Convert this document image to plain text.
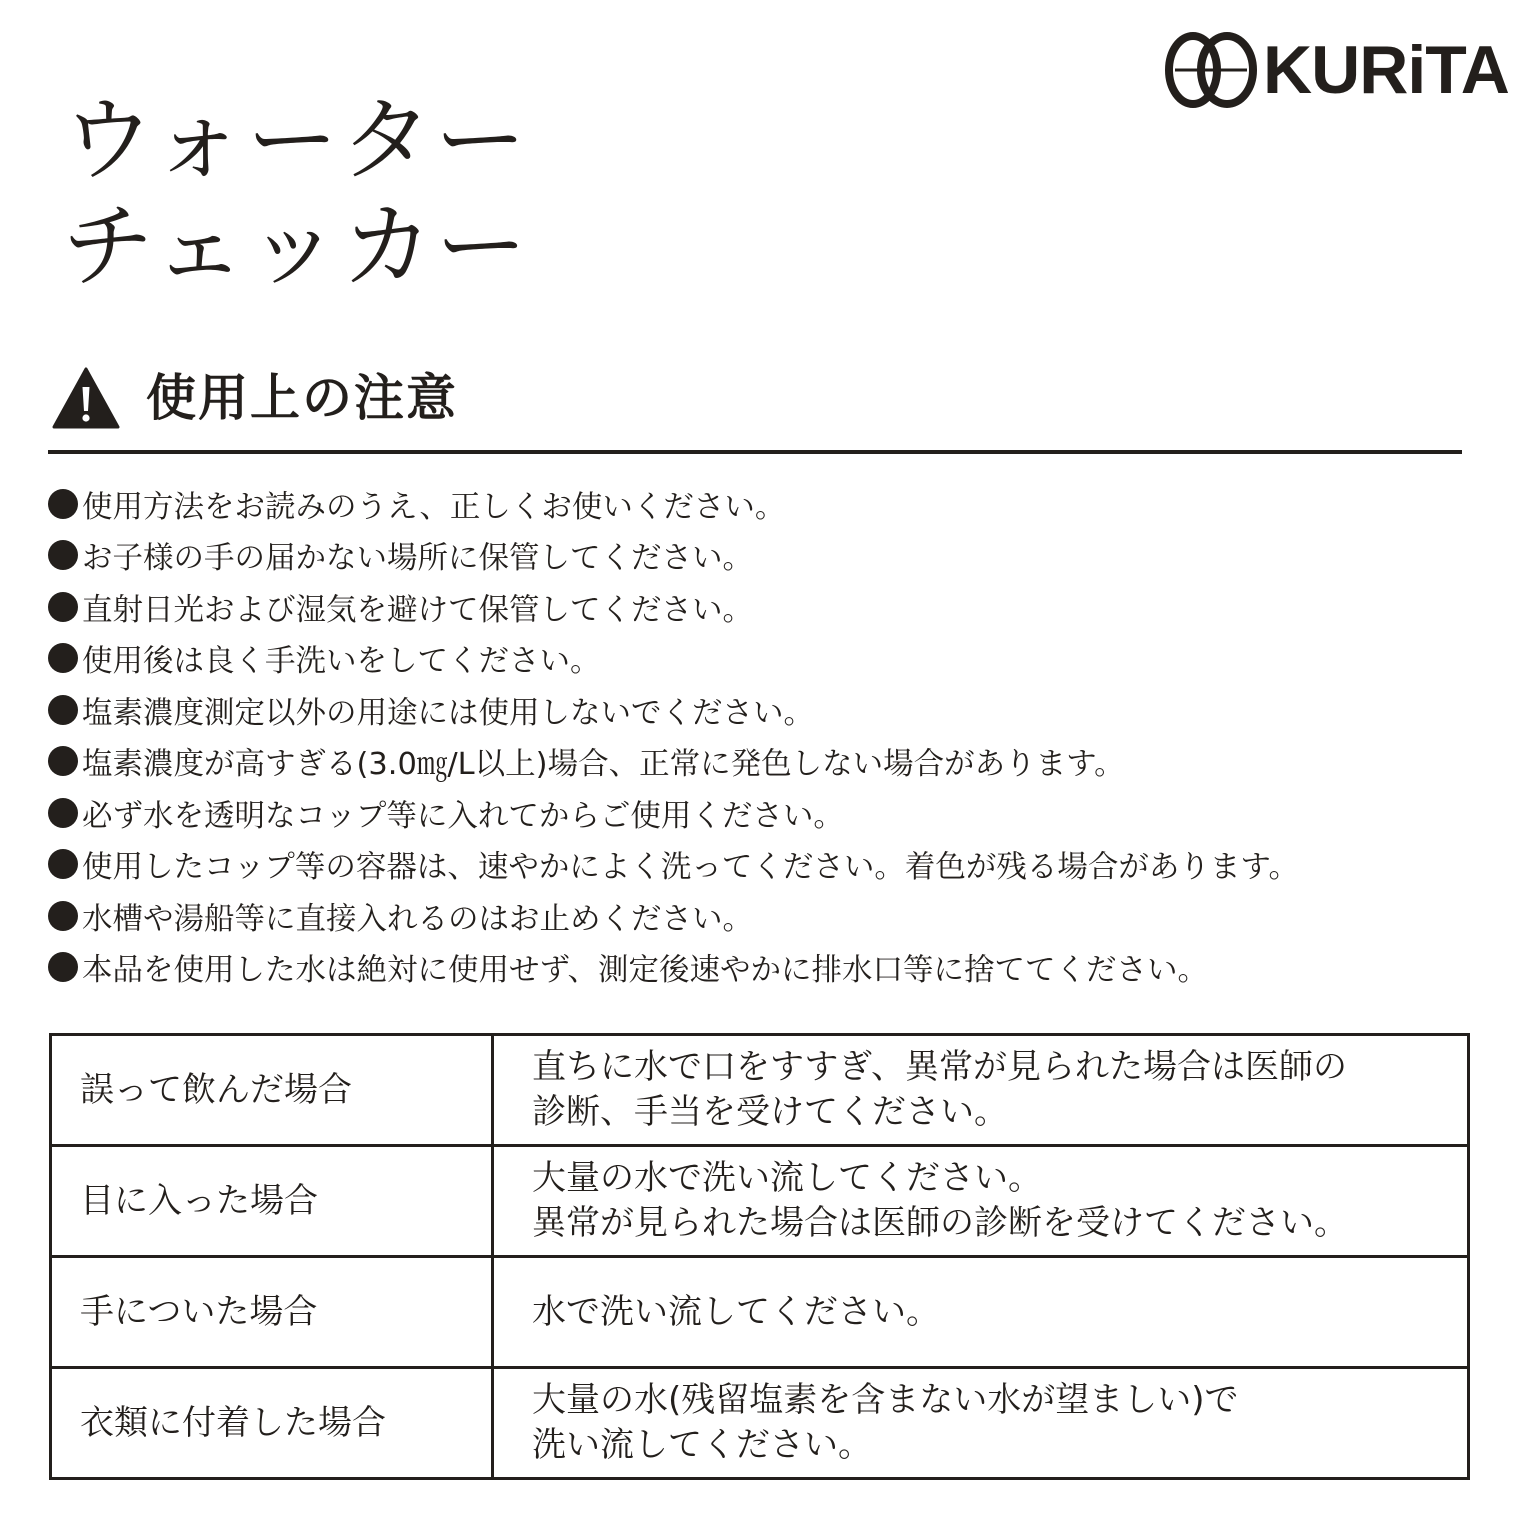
KURiTA
ウォーター
チェッカー
使用上の注意
使用方法をお読みのうえ、正しくお使いください。
お子様の手の届かない場所に保管してください。
直射日光および湿気を避けて保管してください。
使用後は良く手洗いをしてください。
塩素濃度測定以外の用途には使用しないでください。
塩素濃度が高すぎる(3.0㎎/L以上)場合、正常に発色しない場合があります。
必ず水を透明なコップ等に入れてからご使用ください。
使用したコップ等の容器は、速やかによく洗ってください。着色が残る場合があります。
水槽や湯船等に直接入れるのはお止めください。
本品を使用した水は絶対に使用せず、測定後速やかに排水口等に捨ててください。
誤って飲んだ場合	直ちに水で口をすすぎ、異常が見られた場合は医師の
診断、手当を受けてください。

目に入った場合	大量の水で洗い流してください。
異常が見られた場合は医師の診断を受けてください。

手についた場合	水で洗い流してください。

衣類に付着した場合	大量の水(残留塩素を含まない水が望ましい)で
洗い流してください。
